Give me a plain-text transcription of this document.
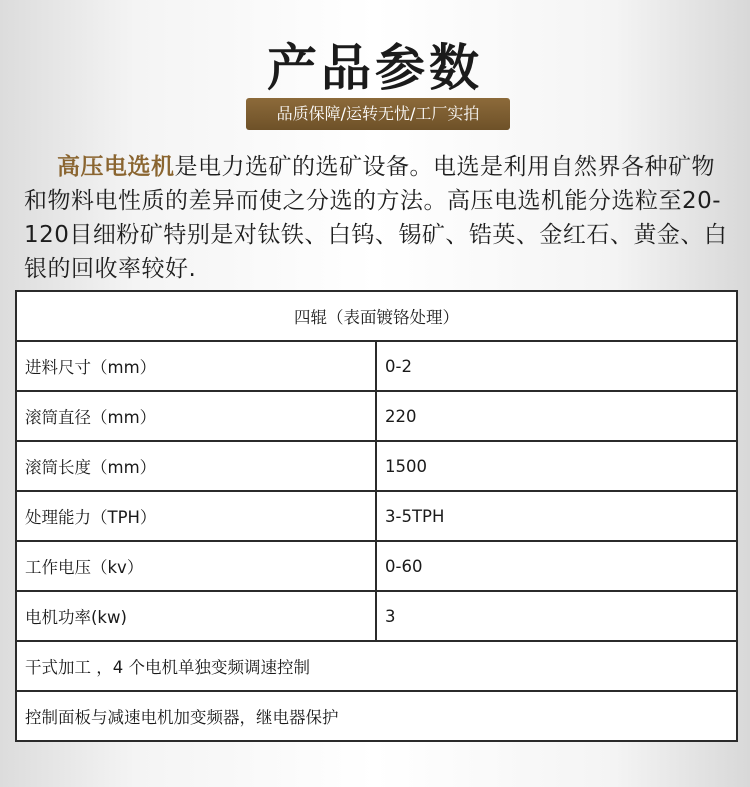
产品参数
品质保障/运转无忧/工厂实拍
高压电选机是电力选矿的选矿设备。电选是利用自然界各种矿物和物料电性质的差异而使之分选的方法。高压电选机能分选粒至20-120目细粉矿特别是对钛铁、白钨、锡矿、锆英、金红石、黄金、白银的回收率较好.
四辊（表面镀铬处理）	
进料尺寸（mm）	0-2
滚筒直径（mm）	220
滚筒长度（mm）	1500
处理能力（TPH）	3-5TPH
工作电压（kv）	0-60
电机功率(kw)	3
干式加工 ，4 个电机单独变频调速控制	
控制面板与减速电机加变频器，继电器保护	
